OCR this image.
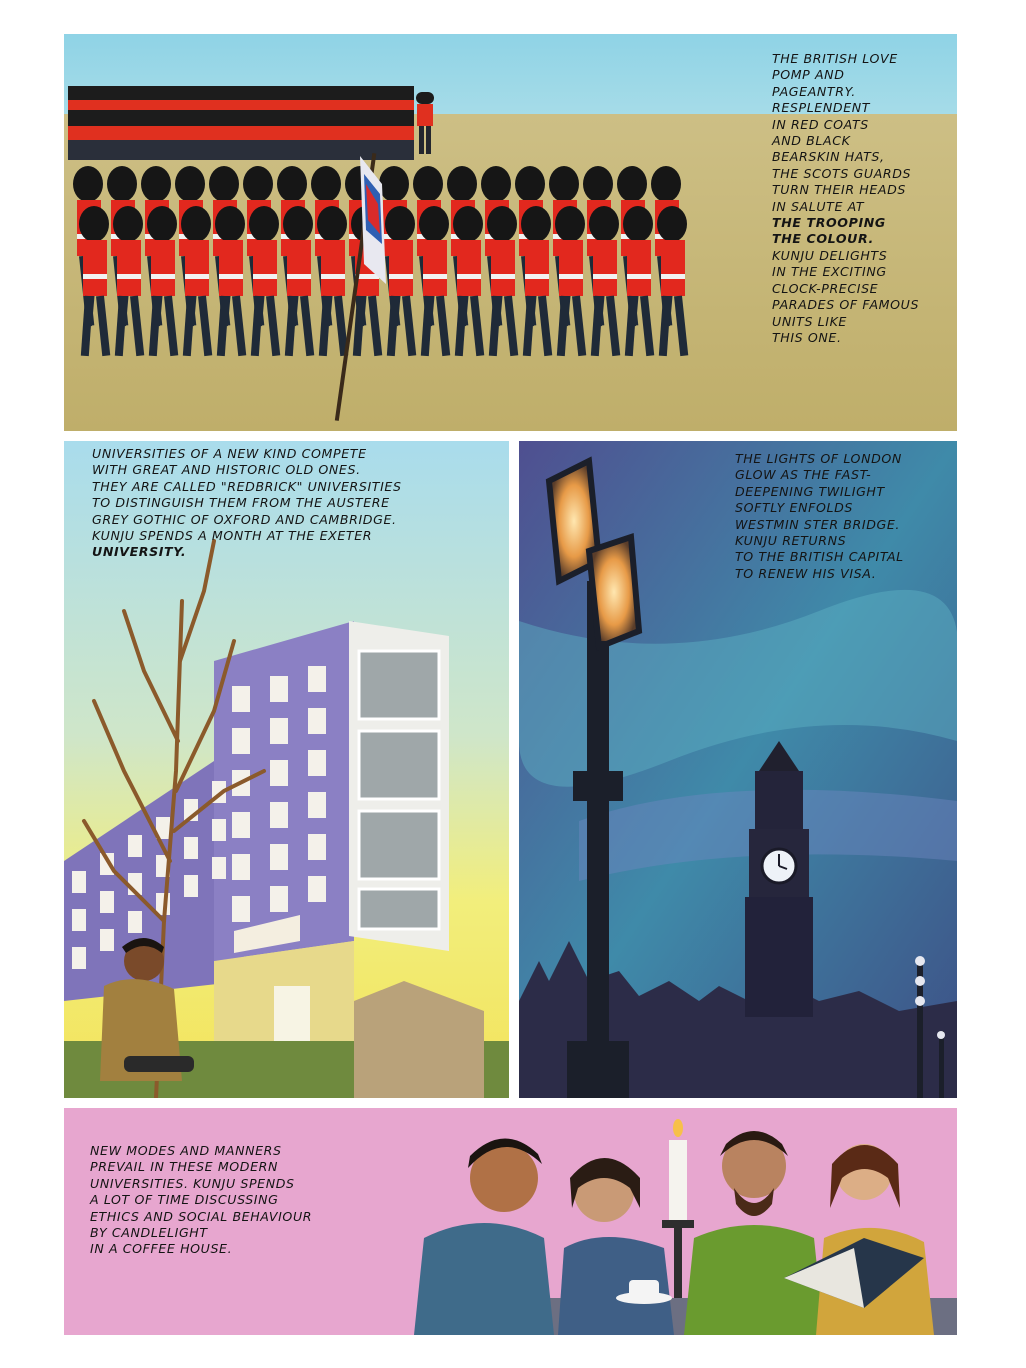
THE BRITISH LOVE
POMP AND
PAGEANTRY.
RESPLENDENT
IN RED COATS
AND BLACK
BEARSKIN HATS,
THE SCOTS GUARDS
TURN THEIR HEADS
IN SALUTE AT
THE TROOPING
THE COLOUR.
KUNJU DELIGHTS
IN THE EXCITING
CLOCK-PRECISE
PARADES OF FAMOUS
UNITS LIKE
THIS ONE.
UNIVERSITIES OF A NEW KIND COMPETE
WITH GREAT AND HISTORIC OLD ONES.
THEY ARE CALLED "REDBRICK" UNIVERSITIES
TO DISTINGUISH THEM FROM THE AUSTERE
GREY GOTHIC OF OXFORD AND CAMBRIDGE.
KUNJU SPENDS A MONTH AT THE EXETER
UNIVERSITY.
THE LIGHTS OF LONDON
GLOW AS THE FAST-
DEEPENING TWILIGHT
SOFTLY ENFOLDS
WESTMIN STER BRIDGE.
KUNJU RETURNS
TO THE BRITISH CAPITAL
TO RENEW HIS VISA.
NEW MODES AND MANNERS
PREVAIL IN THESE MODERN
UNIVERSITIES. KUNJU SPENDS
A LOT OF TIME DISCUSSING
ETHICS AND SOCIAL BEHAVIOUR
BY CANDLELIGHT
IN A COFFEE HOUSE.
